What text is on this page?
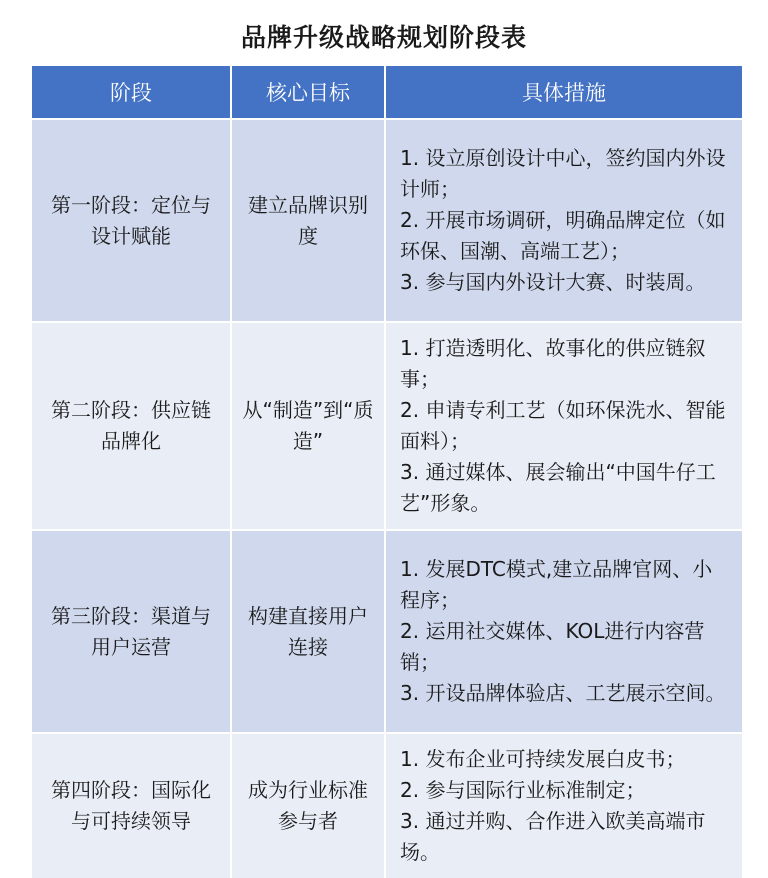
品牌升级战略规划阶段表
阶段	核心目标	具体措施
第一阶段：定位与设计赋能	建立品牌识别度	1. 设立原创设计中心，签约国内外设计师；
2. 开展市场调研，明确品牌定位（如环保、国潮、高端工艺）；
3. 参与国内外设计大赛、时装周。

第二阶段：供应链品牌化	从“制造”到“质造”	1. 打造透明化、故事化的供应链叙事；
2. 申请专利工艺（如环保洗水、智能面料）；
3. 通过媒体、展会输出“中国牛仔工艺”形象。

第三阶段：渠道与用户运营	构建直接用户连接	1. 发展DTC模式,建立品牌官网、小程序；
2. 运用社交媒体、KOL进行内容营销；
3. 开设品牌体验店、工艺展示空间。

第四阶段：国际化与可持续领导	成为行业标准参与者	1. 发布企业可持续发展白皮书；
2. 参与国际行业标准制定；
3. 通过并购、合作进入欧美高端市场。
